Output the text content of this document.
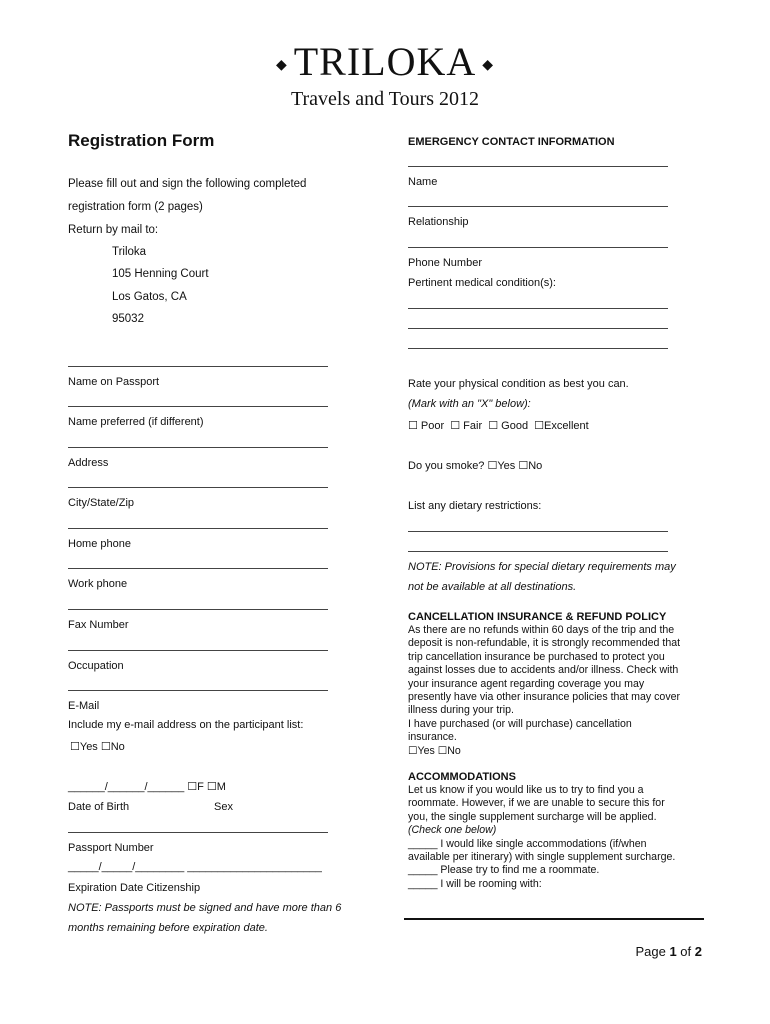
◆ TRILOKA ◆
Travels and Tours 2012
Registration Form
Please fill out and sign the following completed
registration form (2 pages)
Return by mail to:
Triloka
105 Henning Court
Los Gatos, CA
95032
Name on Passport
Name preferred (if different)
Address
City/State/Zip
Home phone
Work phone
Fax Number
Occupation
E-Mail
Include my e-mail address on the participant list:
☐Yes ☐No
______/______/______ ☐F ☐M
Date of Birth	Sex
Passport Number
_____/_____/________ ______________________
Expiration Date Citizenship
NOTE: Passports must be signed and have more than 6
months remaining before expiration date.
EMERGENCY CONTACT INFORMATION
Name
Relationship
Phone Number
Pertinent medical condition(s):
Rate your physical condition as best you can.
(Mark with an "X" below):
☐ Poor  ☐ Fair  ☐ Good  ☐Excellent
Do you smoke? ☐Yes ☐No
List any dietary restrictions:
NOTE: Provisions for special dietary requirements may
not be available at all destinations.
CANCELLATION INSURANCE & REFUND POLICY
As there are no refunds within 60 days of the trip and the
deposit is non-refundable, it is strongly recommended that
trip cancellation insurance be purchased to protect you
against losses due to accidents and/or illness. Check with
your insurance agent regarding coverage you may
presently have via other insurance policies that may cover
illness during your trip.
I have purchased (or will purchase) cancellation
insurance.
☐Yes ☐No
ACCOMMODATIONS
Let us know if you would like us to try to find you a
roommate. However, if we are unable to secure this for
you, the single supplement surcharge will be applied.
(Check one below)
_____ I would like single accommodations (if/when
available per itinerary) with single supplement surcharge.
_____ Please try to find me a roommate.
_____ I will be rooming with:
Page 1 of 2
